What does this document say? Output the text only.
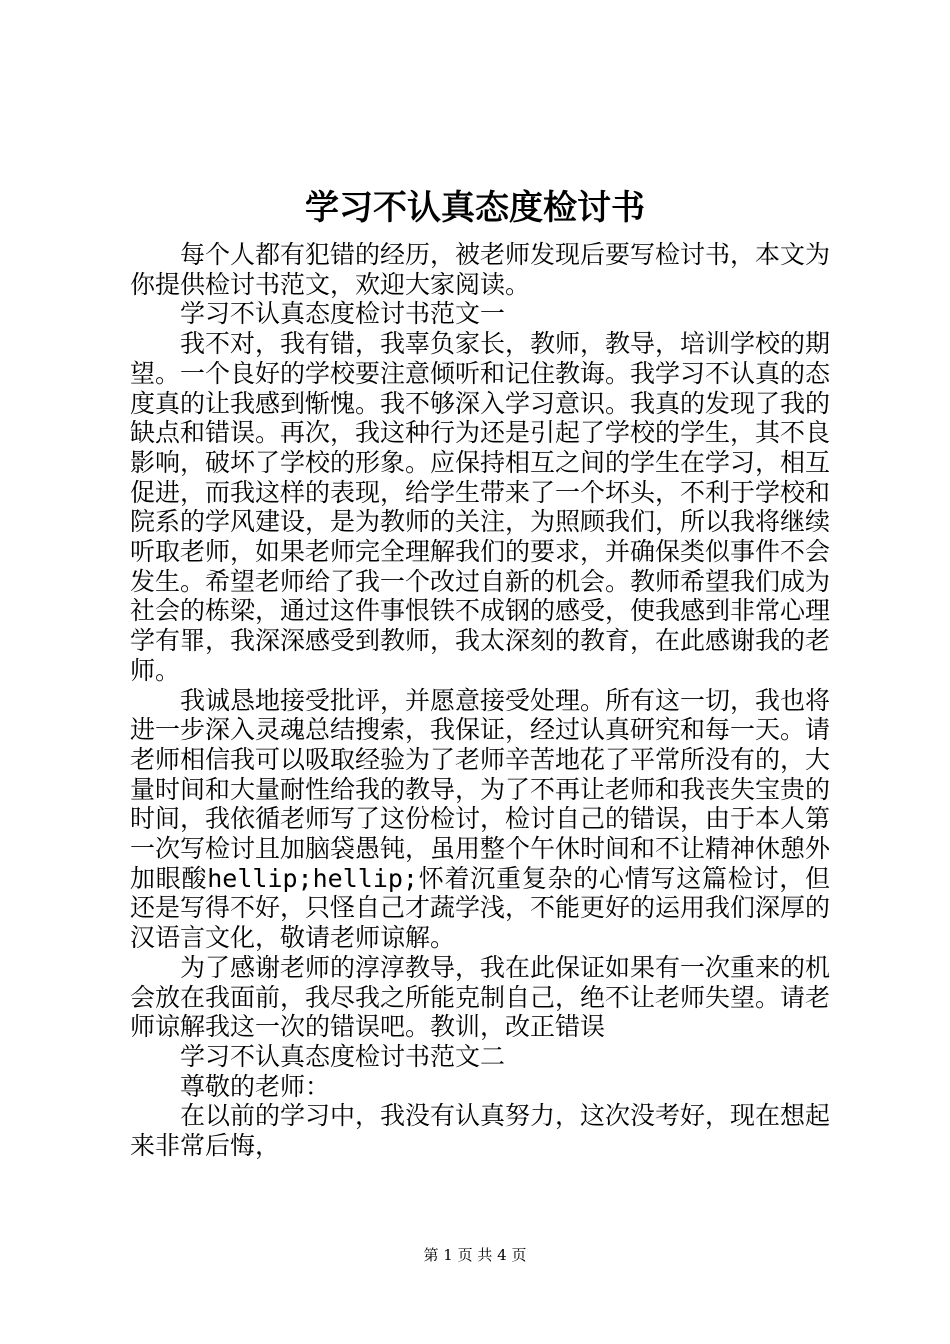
学习不认真态度检讨书

每个人都有犯错的经历，被老师发现后要写检讨书，本文为你提供检讨书范文，欢迎大家阅读。

学习不认真态度检讨书范文一

我不对，我有错，我辜负家长，教师，教导，培训学校的期望。一个良好的学校要注意倾听和记住教诲。我学习不认真的态度真的让我感到惭愧。我不够深入学习意识。我真的发现了我的缺点和错误。再次，我这种行为还是引起了学校的学生，其不良影响，破坏了学校的形象。应保持相互之间的学生在学习，相互促进，而我这样的表现，给学生带来了一个坏头，不利于学校和院系的学风建设，是为教师的关注，为照顾我们，所以我将继续听取老师，如果老师完全理解我们的要求，并确保类似事件不会发生。希望老师给了我一个改过自新的机会。教师希望我们成为社会的栋梁，通过这件事恨铁不成钢的感受，使我感到非常心理学有罪，我深深感受到教师，我太深刻的教育，在此感谢我的老师。

我诚恳地接受批评，并愿意接受处理。所有这一切，我也将进一步深入灵魂总结搜索，我保证，经过认真研究和每一天。请老师相信我可以吸取经验为了老师辛苦地花了平常所没有的，大量时间和大量耐性给我的教导，为了不再让老师和我丧失宝贵的时间，我依循老师写了这份检讨，检讨自己的错误，由于本人第一次写检讨且加脑袋愚钝，虽用整个午休时间和不让精神休憩外加眼酸hellip;hellip;怀着沉重复杂的心情写这篇检讨，但还是写得不好，只怪自己才蔬学浅，不能更好的运用我们深厚的汉语言文化，敬请老师谅解。

为了感谢老师的淳淳教导，我在此保证如果有一次重来的机会放在我面前，我尽我之所能克制自己，绝不让老师失望。请老师谅解我这一次的错误吧。教训，改正错误

学习不认真态度检讨书范文二

尊敬的老师：

在以前的学习中，我没有认真努力，这次没考好，现在想起来非常后悔，

第 1 页 共 4 页
